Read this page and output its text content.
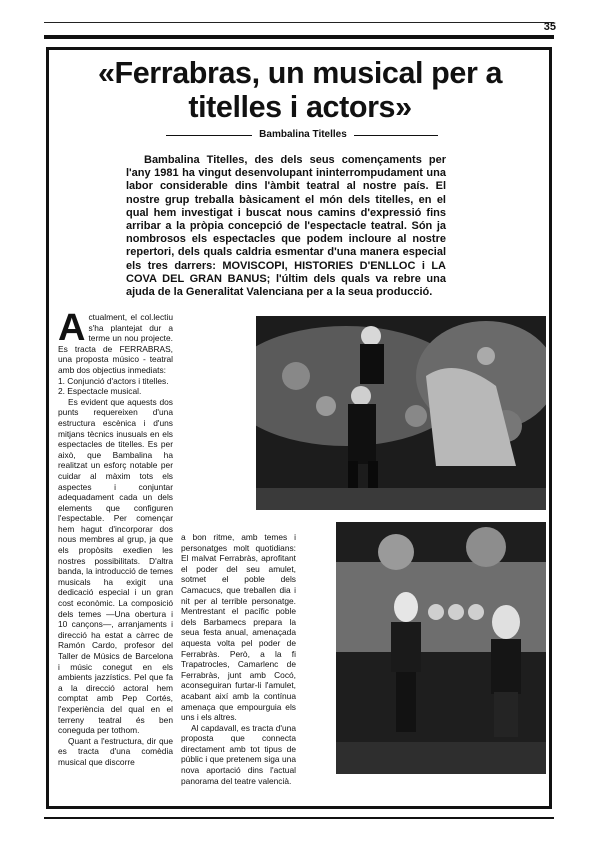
35
«Ferrabras, un musical per a
titelles i actors»
Bambalina Titelles
Bambalina Titelles, des dels seus començaments per l'any 1981 ha vingut desenvolupant ininterrompudament una labor considerable dins l'àmbit teatral al nostre país. El nostre grup treballa bàsicament el món dels titelles, en el qual hem investigat i buscat nous camins d'expressió fins arribar a la pròpia concepció de l'espectacle teatral. Són ja nombrosos els espectacles que podem incloure al nostre repertori, dels quals caldria esmentar d'una manera especial els tres darrers: MOVISCOPI, HISTORIES D'ENLLOC i LA COVA DEL GRAN BANUS; l'últim dels quals va rebre una ajuda de la Generalitat Valenciana per a la seua producció.

Actualment, el col.lectiu s'ha plantejat dur a terme un nou projecte. Es tracta de FERRABRAS, una proposta músico - teatral amb dos objectius inmediats:

1. Conjunció d'actors i titelles.
2. Espectacle musical.

Es evident que aquests dos punts requereixen d'una estructura escènica i d'uns mitjans tècnics inusuals en els espectacles de titelles. Es per això, que Bambalina ha realitzat un esforç notable per cuidar al màxim tots els aspectes i conjuntar adequadament cada un dels elements que configuren l'espectable. Per començar hem hagut d'incorporar dos nous membres al grup, ja que els propòsits exedien les nostres possibilitats. D'altra banda, la introducció de temes musicals ha exigit una dedicació especial i un gran cost econòmic. La composició dels temes —Una obertura i 10 cançons—, arranjaments i direcció ha estat a càrrec de Ramón Cardo, profesor del Taller de Músics de Barcelona i músic conegut en els ambients jazzístics. Pel que fa a la direcció actoral hem comptat amb Pep Cortés, l'experiència del qual en el terreny teatral és ben coneguda per tothom.

Quant a l'estructura, dir que es tracta d'una comèdia musical que discorre

a bon ritme, amb temes i personatges molt quotidians: El malvat Ferrabràs, aprofitant el poder del seu amulet, sotmet el poble dels Camacucs, que treballen dia i nit per al terrible personatge. Mentrestant el pacífic poble dels Barbamecs prepara la seua festa anual, amenaçada aquesta volta pel poder de Ferrabràs. Però, a la fi Trapatrocles, Camarlenc de Ferrabràs, junt amb Cocó, aconseguiran furtar-li l'amulet, acabant així amb la contínua amenaça que empourguia els uns i els altres.

Al capdavall, es tracta d'una proposta que connecta directament amb tot tipus de públic i que pretenem siga una nova aportació dins l'actual panorama del teatre valencià.
